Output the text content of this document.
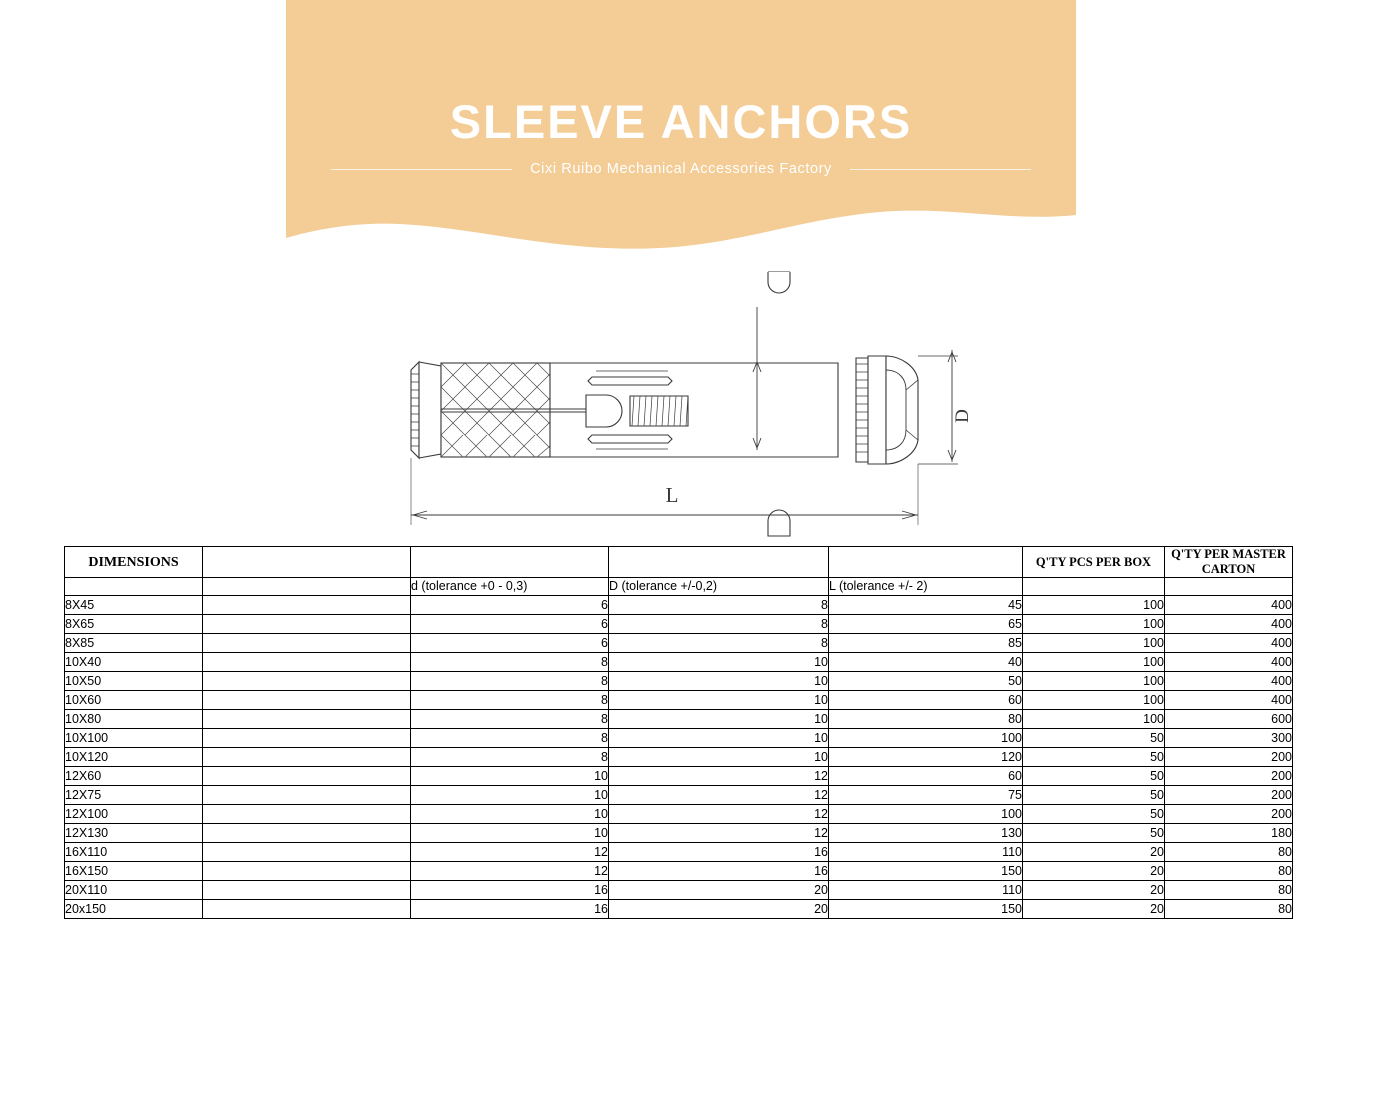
SLEEVE ANCHORS
Cixi Ruibo Mechanical Accessories Factory
L
D
DIMENSIONS					Q'TY PCS PER BOX	Q'TY PER MASTER CARTON
		d (tolerance +0 - 0,3)	D (tolerance +/-0,2)	L (tolerance +/- 2)		
8X45		6	8	45	100	400
8X65		6	8	65	100	400
8X85		6	8	85	100	400
10X40		8	10	40	100	400
10X50		8	10	50	100	400
10X60		8	10	60	100	400
10X80		8	10	80	100	600
10X100		8	10	100	50	300
10X120		8	10	120	50	200
12X60		10	12	60	50	200
12X75		10	12	75	50	200
12X100		10	12	100	50	200
12X130		10	12	130	50	180
16X110		12	16	110	20	80
16X150		12	16	150	20	80
20X110		16	20	110	20	80
20x150		16	20	150	20	80
